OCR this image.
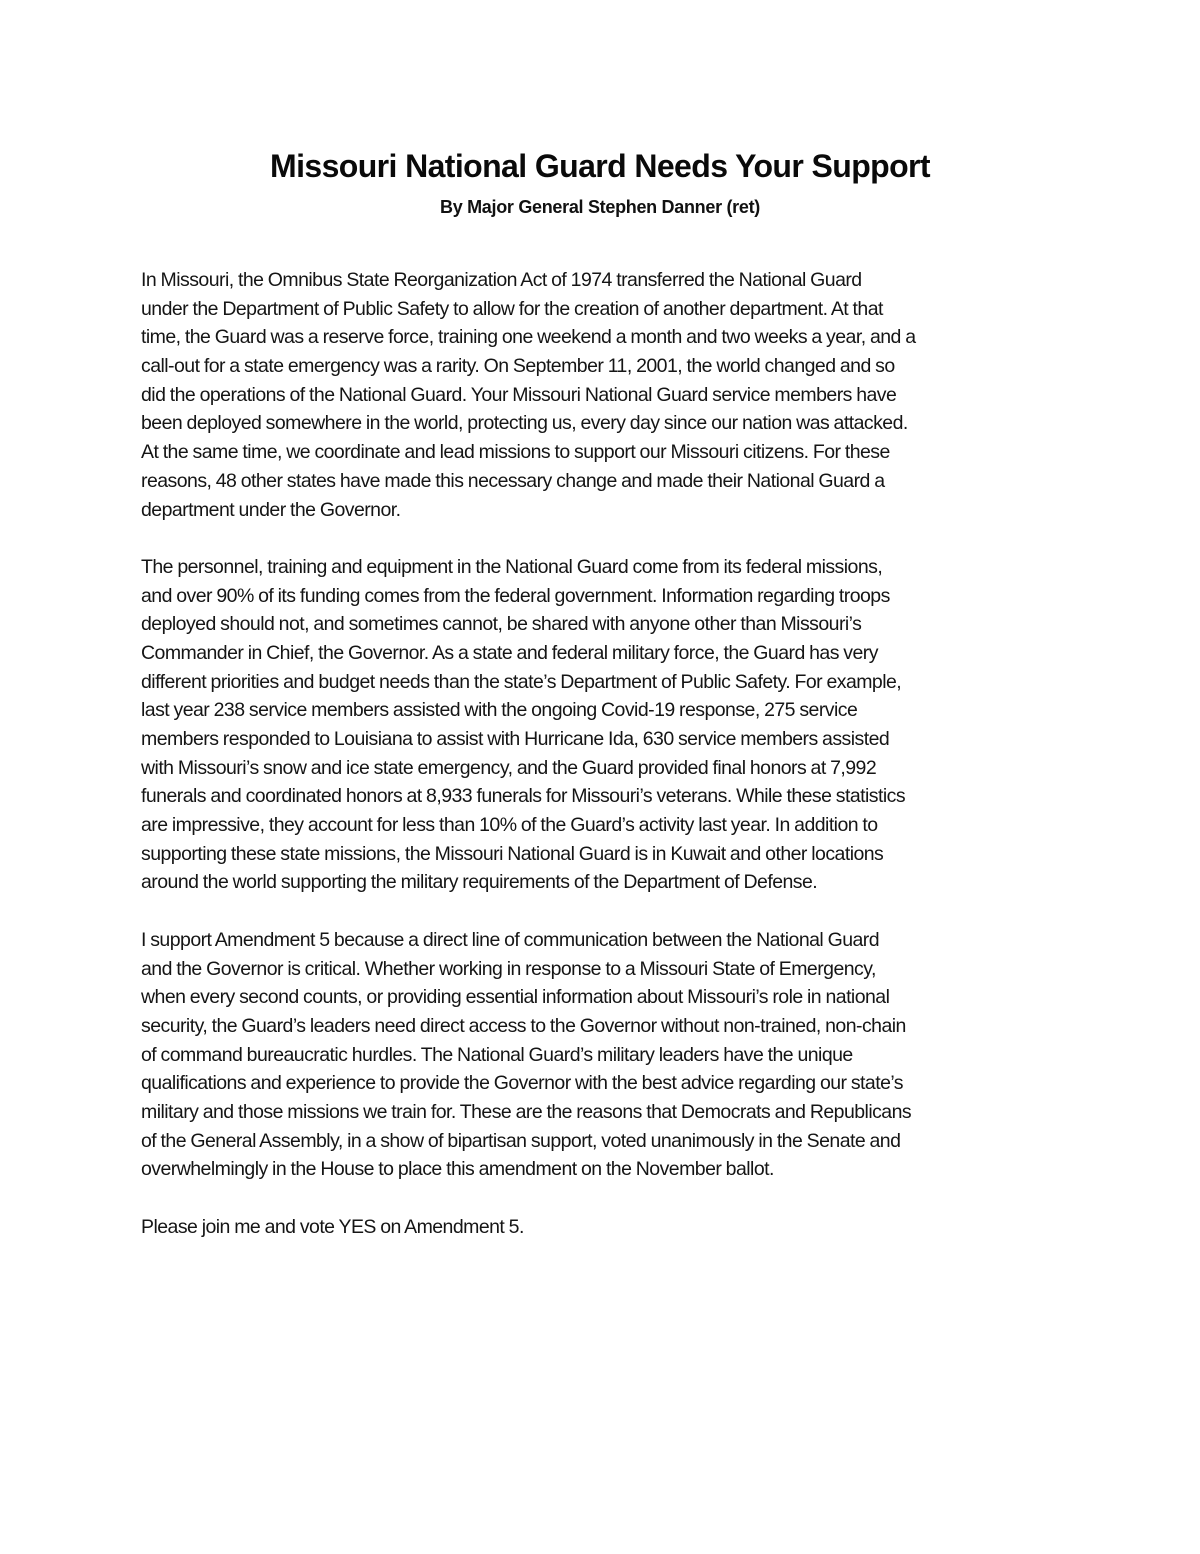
Missouri National Guard Needs Your Support
By Major General Stephen Danner (ret)
In Missouri, the Omnibus State Reorganization Act of 1974 transferred the National Guard
under the Department of Public Safety to allow for the creation of another department. At that
time, the Guard was a reserve force, training one weekend a month and two weeks a year, and a
call-out for a state emergency was a rarity. On September 11, 2001, the world changed and so
did the operations of the National Guard. Your Missouri National Guard service members have
been deployed somewhere in the world, protecting us, every day since our nation was attacked.
At the same time, we coordinate and lead missions to support our Missouri citizens. For these
reasons, 48 other states have made this necessary change and made their National Guard a
department under the Governor.
The personnel, training and equipment in the National Guard come from its federal missions,
and over 90% of its funding comes from the federal government. Information regarding troops
deployed should not, and sometimes cannot, be shared with anyone other than Missouri’s
Commander in Chief, the Governor. As a state and federal military force, the Guard has very
different priorities and budget needs than the state’s Department of Public Safety. For example,
last year 238 service members assisted with the ongoing Covid-19 response, 275 service
members responded to Louisiana to assist with Hurricane Ida, 630 service members assisted
with Missouri’s snow and ice state emergency, and the Guard provided final honors at 7,992
funerals and coordinated honors at 8,933 funerals for Missouri’s veterans. While these statistics
are impressive, they account for less than 10% of the Guard’s activity last year. In addition to
supporting these state missions, the Missouri National Guard is in Kuwait and other locations
around the world supporting the military requirements of the Department of Defense.
I support Amendment 5 because a direct line of communication between the National Guard
and the Governor is critical. Whether working in response to a Missouri State of Emergency,
when every second counts, or providing essential information about Missouri’s role in national
security, the Guard’s leaders need direct access to the Governor without non-trained, non-chain
of command bureaucratic hurdles. The National Guard’s military leaders have the unique
qualifications and experience to provide the Governor with the best advice regarding our state’s
military and those missions we train for. These are the reasons that Democrats and Republicans
of the General Assembly, in a show of bipartisan support, voted unanimously in the Senate and
overwhelmingly in the House to place this amendment on the November ballot.
Please join me and vote YES on Amendment 5.
